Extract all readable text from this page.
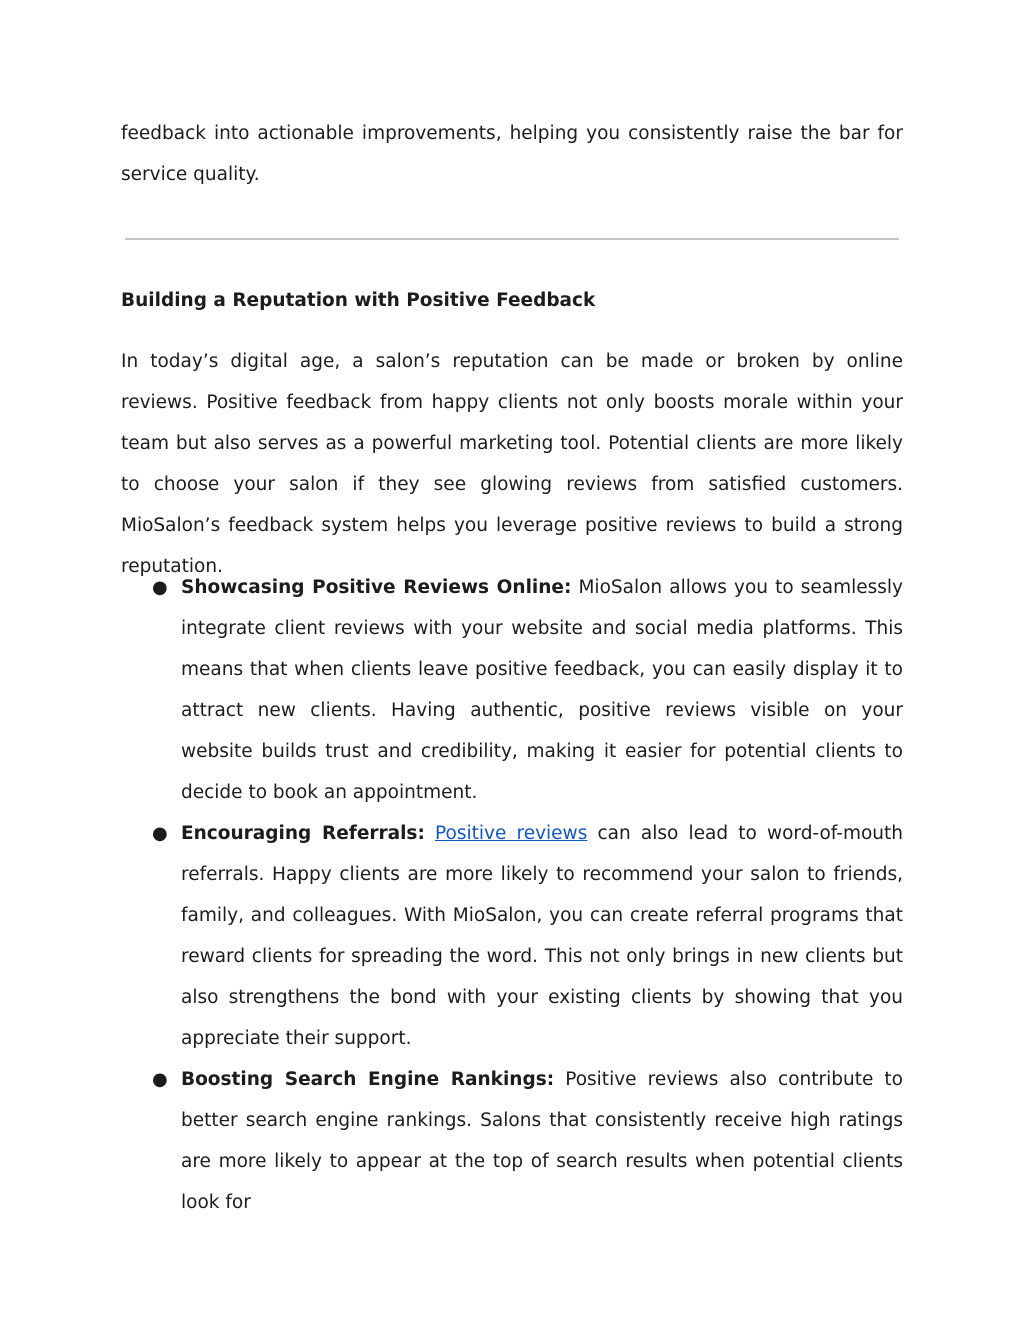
feedback into actionable improvements, helping you consistently raise the bar for service quality.

Building a Reputation with Positive Feedback

In today’s digital age, a salon’s reputation can be made or broken by online reviews. Positive feedback from happy clients not only boosts morale within your team but also serves as a powerful marketing tool. Potential clients are more likely to choose your salon if they see glowing reviews from satisfied customers. MioSalon’s feedback system helps you leverage positive reviews to build a strong reputation.

● Showcasing Positive Reviews Online: MioSalon allows you to seamlessly integrate client reviews with your website and social media platforms. This means that when clients leave positive feedback, you can easily display it to attract new clients. Having authentic, positive reviews visible on your website builds trust and credibility, making it easier for potential clients to decide to book an appointment.
● Encouraging Referrals: Positive reviews can also lead to word-of-mouth referrals. Happy clients are more likely to recommend your salon to friends, family, and colleagues. With MioSalon, you can create referral programs that reward clients for spreading the word. This not only brings in new clients but also strengthens the bond with your existing clients by showing that you appreciate their support.
● Boosting Search Engine Rankings: Positive reviews also contribute to better search engine rankings. Salons that consistently receive high ratings are more likely to appear at the top of search results when potential clients look for
